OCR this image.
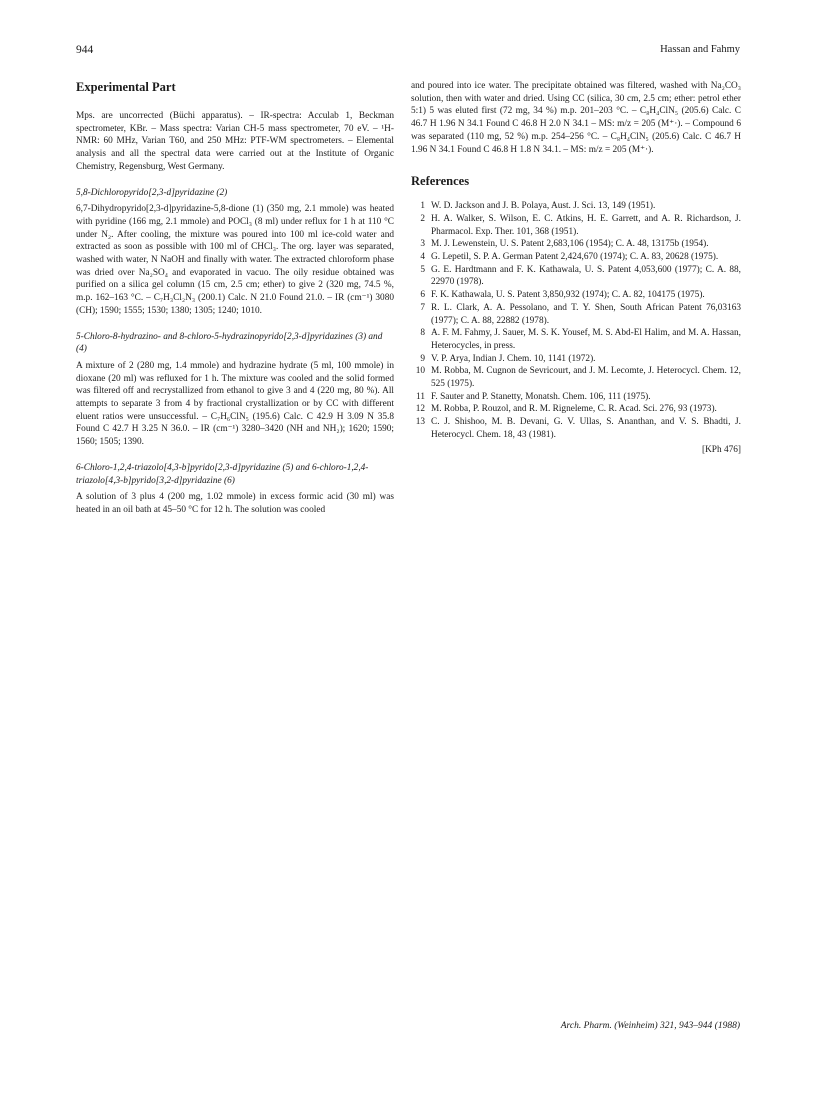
944	Hassan and Fahmy
Experimental Part

Mps. are uncorrected (Büchi apparatus). – IR-spectra: Acculab 1, Beckman spectrometer, KBr. – Mass spectra: Varian CH-5 mass spectrometer, 70 eV. – ¹H-NMR: 60 MHz, Varian T60, and 250 MHz: PTF-WM spectrometers. – Elemental analysis and all the spectral data were carried out at the Institute of Organic Chemistry, Regensburg, West Germany.

5,8-Dichloropyrido[2,3-d]pyridazine (2)

6,7-Dihydropyrido[2,3-d]pyridazine-5,8-dione (1) (350 mg, 2.1 mmole) was heated with pyridine (166 mg, 2.1 mmole) and POCl₃ (8 ml) under reflux for 1 h at 110 °C under N₂. After cooling, the mixture was poured into 100 ml ice-cold water and extracted as soon as possible with 100 ml of CHCl₃. The org. layer was separated, washed with water, N NaOH and finally with water. The extracted chloroform phase was dried over Na₂SO₄ and evaporated in vacuo. The oily residue obtained was purified on a silica gel column (15 cm, 2.5 cm; ether) to give 2 (320 mg, 74.5 %, m.p. 162–163 °C. – C₇H₃Cl₂N₃ (200.1) Calc. N 21.0 Found 21.0. – IR (cm⁻¹) 3080 (CH); 1590; 1555; 1530; 1380; 1305; 1240; 1010.

5-Chloro-8-hydrazino- and 8-chloro-5-hydrazinopyrido[2,3-d]pyridazines (3) and (4)

A mixture of 2 (280 mg, 1.4 mmole) and hydrazine hydrate (5 ml, 100 mmole) in dioxane (20 ml) was refluxed for 1 h. The mixture was cooled and the solid formed was filtered off and recrystallized from ethanol to give 3 and 4 (220 mg, 80 %). All attempts to separate 3 from 4 by fractional crystallization or by CC with different eluent ratios were unsuccessful. – C₇H₆ClN₅ (195.6) Calc. C 42.9 H 3.09 N 35.8 Found C 42.7 H 3.25 N 36.0. – IR (cm⁻¹) 3280–3420 (NH and NH₂); 1620; 1590; 1560; 1505; 1390.

6-Chloro-1,2,4-triazolo[4,3-b]pyrido[2,3-d]pyridazine (5) and 6-chloro-1,2,4-triazolo[4,3-b]pyrido[3,2-d]pyridazine (6)

A solution of 3 plus 4 (200 mg, 1.02 mmole) in excess formic acid (30 ml) was heated in an oil bath at 45–50 °C for 12 h. The solution was cooled

and poured into ice water. The precipitate obtained was filtered, washed with Na₂CO₃ solution, then with water and dried. Using CC (silica, 30 cm, 2.5 cm; ether: petrol ether 5:1) 5 was eluted first (72 mg, 34 %) m.p. 201–203 °C. – C₈H₄ClN₅ (205.6) Calc. C 46.7 H 1.96 N 34.1 Found C 46.8 H 2.0 N 34.1 – MS: m/z = 205 (M⁺·). – Compound 6 was separated (110 mg, 52 %) m.p. 254–256 °C. – C₈H₄ClN₅ (205.6) Calc. C 46.7 H 1.96 N 34.1 Found C 46.8 H 1.8 N 34.1. – MS: m/z = 205 (M⁺·).

References
1 W. D. Jackson and J. B. Polaya, Aust. J. Sci. 13, 149 (1951).
2 H. A. Walker, S. Wilson, E. C. Atkins, H. E. Garrett, and A. R. Richardson, J. Pharmacol. Exp. Ther. 101, 368 (1951).
3 M. J. Lewenstein, U. S. Patent 2,683,106 (1954); C. A. 48, 13175b (1954).
4 G. Lepetil, S. P. A. German Patent 2,424,670 (1974); C. A. 83, 20628 (1975).
5 G. E. Hardtmann and F. K. Kathawala, U. S. Patent 4,053,600 (1977); C. A. 88, 22970 (1978).
6 F. K. Kathawala, U. S. Patent 3,850,932 (1974); C. A. 82, 104175 (1975).
7 R. L. Clark, A. A. Pessolano, and T. Y. Shen, South African Patent 76,03163 (1977); C. A. 88, 22882 (1978).
8 A. F. M. Fahmy, J. Sauer, M. S. K. Yousef, M. S. Abd-El Halim, and M. A. Hassan, Heterocycles, in press.
9 V. P. Arya, Indian J. Chem. 10, 1141 (1972).
10 M. Robba, M. Cugnon de Sevricourt, and J. M. Lecomte, J. Heterocycl. Chem. 12, 525 (1975).
11 F. Sauter and P. Stanetty, Monatsh. Chem. 106, 111 (1975).
12 M. Robba, P. Rouzol, and R. M. Rigneleme, C. R. Acad. Sci. 276, 93 (1973).
13 C. J. Shishoo, M. B. Devani, G. V. Ullas, S. Ananthan, and V. S. Bhadti, J. Heterocycl. Chem. 18, 43 (1981).

[KPh 476]

Arch. Pharm. (Weinheim) 321, 943–944 (1988)
